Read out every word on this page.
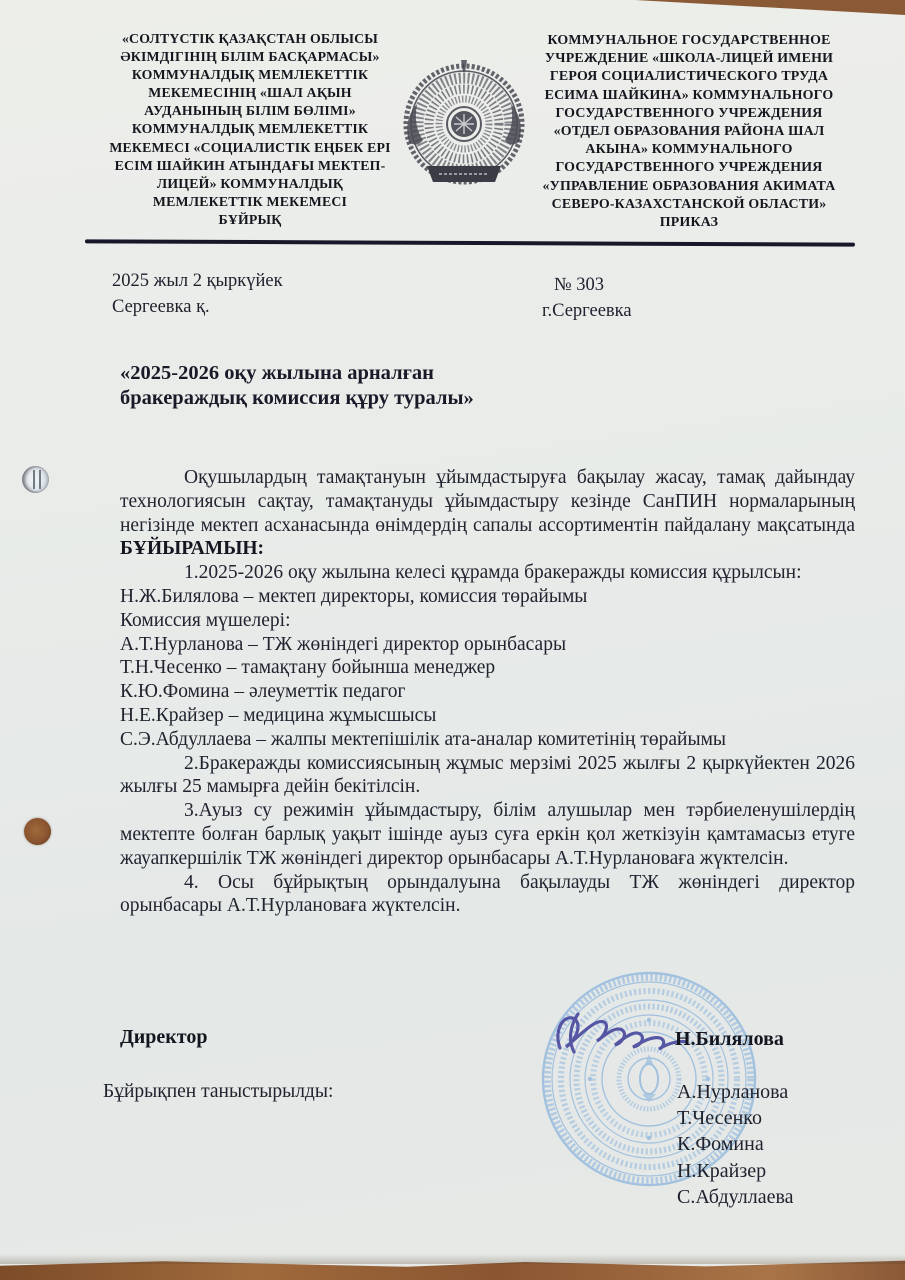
«СОЛТҮСТІК ҚАЗАҚСТАН ОБЛЫСЫ
ӘКІМДІГІНІҢ БІЛІМ БАСҚАРМАСЫ»
КОММУНАЛДЫҚ МЕМЛЕКЕТТІК
МЕКЕМЕСІНІҢ «ШАЛ АҚЫН
АУДАНЫНЫҢ БІЛІМ БӨЛІМІ»
КОММУНАЛДЫҚ МЕМЛЕКЕТТІК
МЕКЕМЕСІ «СОЦИАЛИСТІК ЕҢБЕК ЕРІ
ЕСІМ ШАЙКИН АТЫНДАҒЫ МЕКТЕП-
ЛИЦЕЙ» КОММУНАЛДЫҚ
МЕМЛЕКЕТТІК МЕКЕМЕСІ
БҰЙРЫҚ
КОММУНАЛЬНОЕ ГОСУДАРСТВЕННОЕ
УЧРЕЖДЕНИЕ «ШКОЛА-ЛИЦЕЙ ИМЕНИ
ГЕРОЯ СОЦИАЛИСТИЧЕСКОГО ТРУДА
ЕСИМА ШАЙКИНА» КОММУНАЛЬНОГО
ГОСУДАРСТВЕННОГО УЧРЕЖДЕНИЯ
«ОТДЕЛ ОБРАЗОВАНИЯ РАЙОНА ШАЛ
АКЫНА» КОММУНАЛЬНОГО
ГОСУДАРСТВЕННОГО УЧРЕЖДЕНИЯ
«УПРАВЛЕНИЕ ОБРАЗОВАНИЯ АКИМАТА
СЕВЕРО-КАЗАХСТАНСКОЙ ОБЛАСТИ»
ПРИКАЗ
2025 жыл 2 қыркүйек
Сергеевка қ.
№ 303
г.Сергеевка
«2025-2026 оқу жылына арналған
бракераждық комиссия құру туралы»

Оқушылардың тамақтануын ұйымдастыруға бақылау жасау, тамақ дайындау технологиясын сақтау, тамақтануды ұйымдастыру кезінде СанПИН нормаларының негізінде мектеп асханасында өнімдердің сапалы ассортиментін пайдалану мақсатында БҰЙЫРАМЫН:

1.2025-2026 оқу жылына келесі құрамда бракеражды комиссия құрылсын:

Н.Ж.Билялова – мектеп директоры, комиссия төрайымы

Комиссия мүшелері:

А.Т.Нурланова – ТЖ жөніндегі директор орынбасары

Т.Н.Чесенко – тамақтану бойынша менеджер

К.Ю.Фомина – әлеуметтік педагог

Н.Е.Крайзер – медицина жұмысшысы

С.Э.Абдуллаева – жалпы мектепішілік ата-аналар комитетінің төрайымы

2.Бракеражды комиссиясының жұмыс мерзімі 2025 жылғы 2 қыркүйектен 2026 жылғы 25 мамырға дейін бекітілсін.

3.Ауыз су режимін ұйымдастыру, білім алушылар мен тәрбиеленушілердің мектепте болған барлық уақыт ішінде ауыз суға еркін қол жеткізуін қамтамасыз етуге жауапкершілік ТЖ жөніндегі директор орынбасары А.Т.Нурлановаға жүктелсін.

4. Осы бұйрықтың орындалуына бақылауды ТЖ жөніндегі директор орынбасары А.Т.Нурлановаға жүктелсін.

Директор	Н.Билялова
Бұйрықпен таныстырылды:	А.Нурланова
Т.Чесенко
К.Фомина
Н.Крайзер
С.Абдуллаева
